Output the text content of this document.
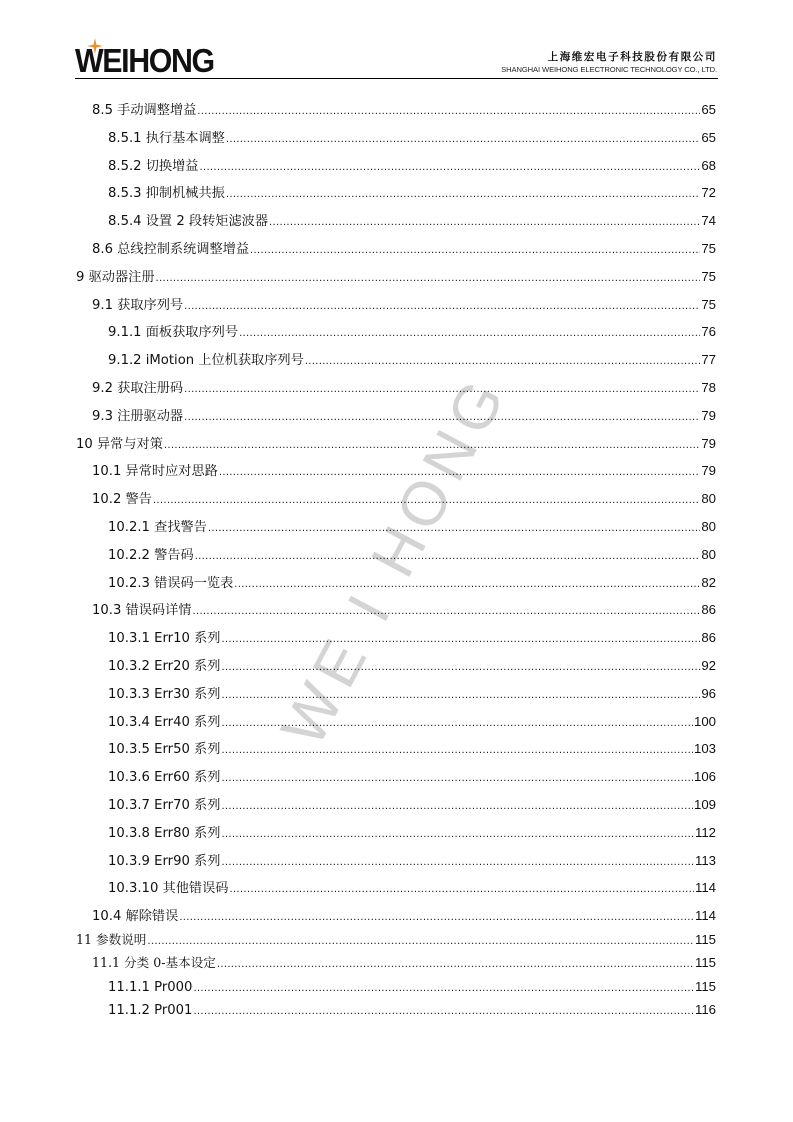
WEIHONG	上海维宏电子科技股份有限公司
SHANGHAI WEIHONG ELECTRONIC TECHNOLOGY CO., LTD.
WE I HONG
8.5 手动调整增益 .....	65
8.5.1 执行基本调整 .....	65
8.5.2 切换增益 .....	68
8.5.3 抑制机械共振 .....	72
8.5.4 设置 2 段转矩滤波器 .....	74
8.6 总线控制系统调整增益 .....	75
9 驱动器注册 .....	75
9.1 获取序列号 .....	75
9.1.1 面板获取序列号 .....	76
9.1.2 iMotion 上位机获取序列号 .....	77
9.2 获取注册码 .....	78
9.3 注册驱动器 .....	79
10 异常与对策 .....	79
10.1 异常时应对思路 .....	79
10.2 警告 .....	80
10.2.1 查找警告 .....	80
10.2.2 警告码 .....	80
10.2.3 错误码一览表 .....	82
10.3 错误码详情 .....	86
10.3.1 Err10 系列 .....	86
10.3.2 Err20 系列 .....	92
10.3.3 Err30 系列 .....	96
10.3.4 Err40 系列 .....	100
10.3.5 Err50 系列 .....	103
10.3.6 Err60 系列 .....	106
10.3.7 Err70 系列 .....	109
10.3.8 Err80 系列 .....	112
10.3.9 Err90 系列 .....	113
10.3.10 其他错误码 .....	114
10.4 解除错误 .....	114
11 参数说明 .....	115
11.1 分类 0-基本设定 .....	115
11.1.1 Pr000 .....	115
11.1.2 Pr001 .....	116
